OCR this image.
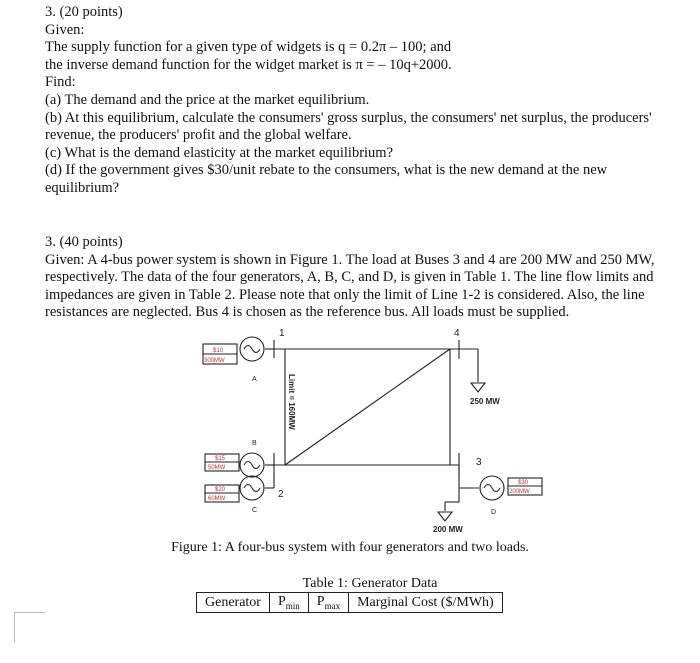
3. (20 points)
Given:
The supply function for a given type of widgets is q = 0.2π – 100; and
the inverse demand function for the widget market is π = – 10q+2000.
Find:
(a) The demand and the price at the market equilibrium.
(b) At this equilibrium, calculate the consumers' gross surplus, the consumers' net surplus, the producers'
revenue, the producers' profit and the global welfare.
(c) What is the demand elasticity at the market equilibrium?
(d) If the government gives $30/unit rebate to the consumers, what is the new demand at the new
equilibrium?
3. (40 points)
Given: A 4-bus power system is shown in Figure 1. The load at Buses 3 and 4 are 200 MW and 250 MW,
respectively. The data of the four generators, A, B, C, and D, is given in Table 1. The line flow limits and
impedances are given in Table 2. Please note that only the limit of Line 1-2 is considered. Also, the line
resistances are neglected. Bus 4 is chosen as the reference bus. All loads must be supplied.
1	4
2
3
A
B
C	D
$10
300MW
$15
50MW
$20
60MW
$30
200MW
250 MW
200 MW
Limit = 160MW
Figure 1: A four-bus system with four generators and two loads.
Table 1: Generator Data
Generator	$P_{min}$	$P_{max}$	Marginal Cost ($/MWh)
